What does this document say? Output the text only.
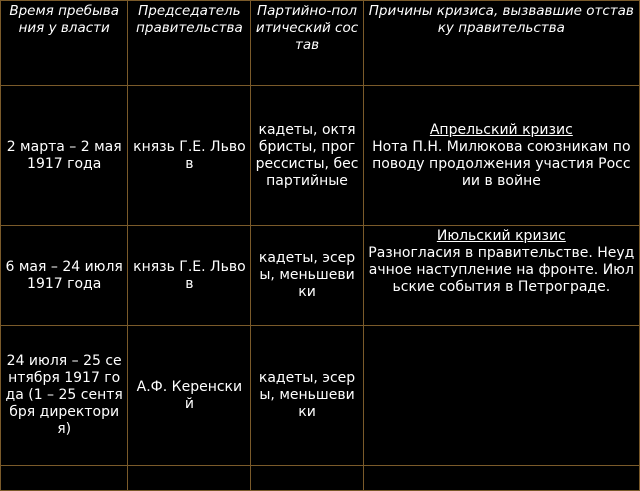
Время пребывания у власти	Председатель правительства	Партийно-политический состав	Причины кризиса, вызвавшие отставку правительства
2 марта – 2 мая 1917 года	князь Г.Е. Львов	кадеты, октябристы, прогрессисты, беспартийные	Апрельский кризис
Нота П.Н. Милюкова союзникам по поводу продолжения участия России в войне

6 мая – 24 июля 1917 года	князь Г.Е. Львов	кадеты, эсеры, меньшевики	Июльский кризис
Разногласия в правительстве. Неудачное наступление на фронте. Июльские события в Петрограде.

24 июля – 25 сентября 1917 года (1 – 25 сентября директория)	А.Ф. Керенский	кадеты, эсеры, меньшевики	
